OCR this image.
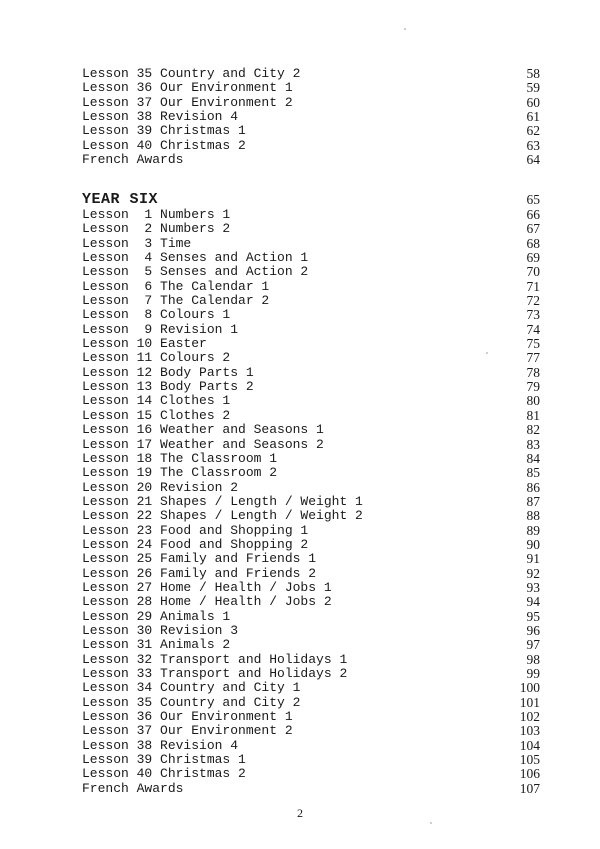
Lesson 35 Country and City 2	58
Lesson 36 Our Environment 1	59
Lesson 37 Our Environment 2	60
Lesson 38 Revision 4	61
Lesson 39 Christmas 1	62
Lesson 40 Christmas 2	63
French Awards	64
YEAR SIX	65
Lesson  1 Numbers 1	66
Lesson  2 Numbers 2	67
Lesson  3 Time	68
Lesson  4 Senses and Action 1	69
Lesson  5 Senses and Action 2	70
Lesson  6 The Calendar 1	71
Lesson  7 The Calendar 2	72
Lesson  8 Colours 1	73
Lesson  9 Revision 1	74
Lesson 10 Easter	75
Lesson 11 Colours 2	77
Lesson 12 Body Parts 1	78
Lesson 13 Body Parts 2	79
Lesson 14 Clothes 1	80
Lesson 15 Clothes 2	81
Lesson 16 Weather and Seasons 1	82
Lesson 17 Weather and Seasons 2	83
Lesson 18 The Classroom 1	84
Lesson 19 The Classroom 2	85
Lesson 20 Revision 2	86
Lesson 21 Shapes / Length / Weight 1	87
Lesson 22 Shapes / Length / Weight 2	88
Lesson 23 Food and Shopping 1	89
Lesson 24 Food and Shopping 2	90
Lesson 25 Family and Friends 1	91
Lesson 26 Family and Friends 2	92
Lesson 27 Home / Health / Jobs 1	93
Lesson 28 Home / Health / Jobs 2	94
Lesson 29 Animals 1	95
Lesson 30 Revision 3	96
Lesson 31 Animals 2	97
Lesson 32 Transport and Holidays 1	98
Lesson 33 Transport and Holidays 2	99
Lesson 34 Country and City 1	100
Lesson 35 Country and City 2	101
Lesson 36 Our Environment 1	102
Lesson 37 Our Environment 2	103
Lesson 38 Revision 4	104
Lesson 39 Christmas 1	105
Lesson 40 Christmas 2	106
French Awards	107
2
